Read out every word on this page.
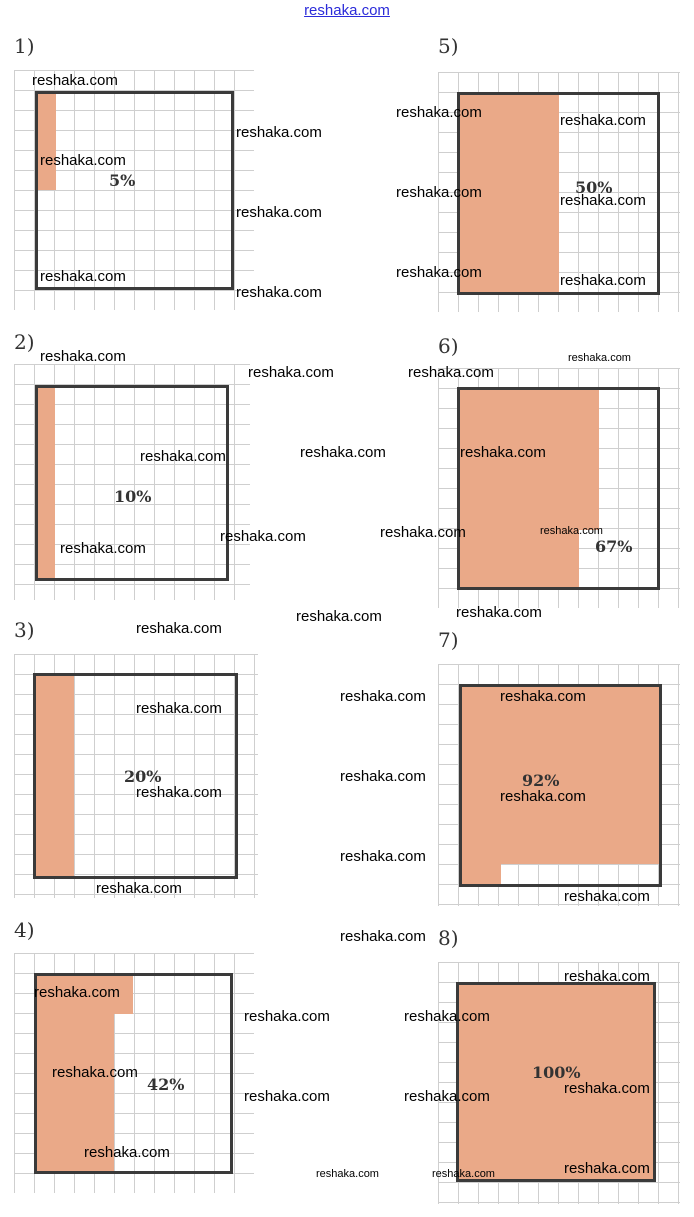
reshaka.com
1)
5%
2)
10%
3)
20%
4)
42%
5)
50%
6)
67%
7)
92%
8)
100%
reshaka.com
reshaka.com
reshaka.com
reshaka.com
reshaka.com
reshaka.com
reshaka.com	reshaka.com
reshaka.com	reshaka.com
reshaka.com	reshaka.com
reshaka.com	reshaka.com
reshaka.com	reshaka.com
reshaka.com
reshaka.com	reshaka.com
reshaka.com
reshaka.com
reshaka.com
reshaka.com
reshaka.com
reshaka.com
reshaka.com
reshaka.com	reshaka.com
reshaka.com
reshaka.com
reshaka.com	reshaka.com
reshaka.com
reshaka.com	reshaka.com
reshaka.com
reshaka.com
reshaka.com
reshaka.com	reshaka.com
reshaka.com
reshaka.com
reshaka.com	reshaka.com
reshaka.com
reshaka.com
reshaka.com	reshaka.com
